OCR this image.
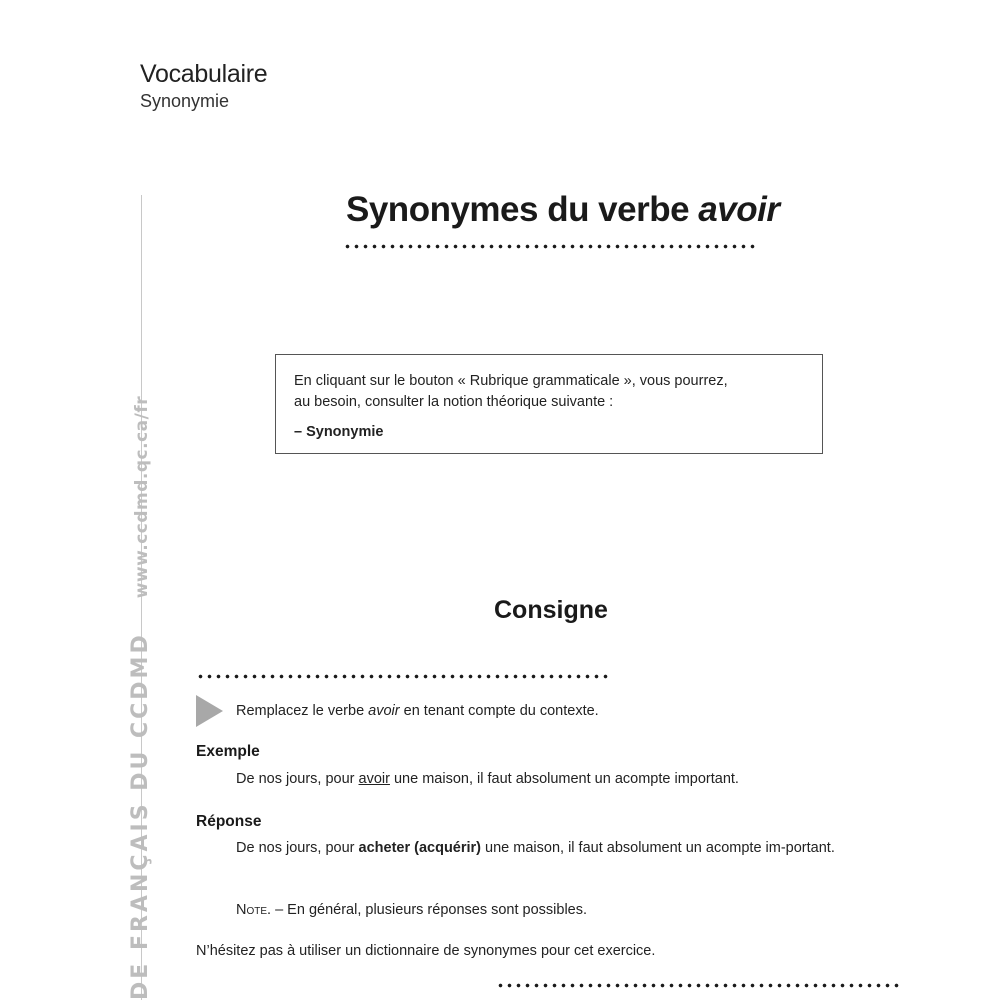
Vocabulaire
Synonymie
DE FRANÇAIS DU CCDMD
www.ccdmd.qc.ca/fr
Synonymes du verbe avoir
En cliquant sur le bouton « Rubrique grammaticale », vous pourrez,
au besoin, consulter la notion théorique suivante :
– Synonymie
Consigne
Remplacez le verbe avoir en tenant compte du contexte.
Exemple
De nos jours, pour avoir une maison, il faut absolument un acompte important.
Réponse
De nos jours, pour acheter (acquérir) une maison, il faut absolument un acompte im-portant.
Note. – En général, plusieurs réponses sont possibles.
N’hésitez pas à utiliser un dictionnaire de synonymes pour cet exercice.
